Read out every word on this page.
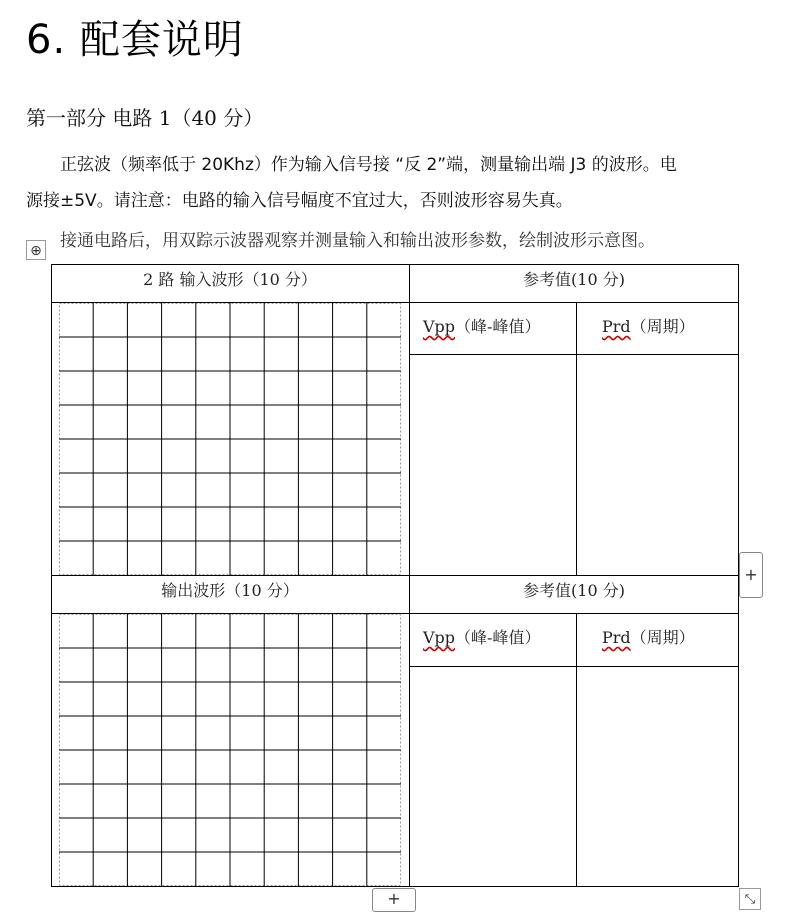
6. 配套说明
第一部分 电路 1（40 分）
正弦波（频率低于 20Khz）作为输入信号接 “反 2”端，测量输出端 J3 的波形。电
源接±5V。请注意：电路的输入信号幅度不宜过大，否则波形容易失真。
接通电路后，用双踪示波器观察并测量输入和输出波形参数，绘制波形示意图。
⊕
2 路 输入波形（10 分）	参考值(10 分)
Vpp（峰-峰值）	Prd（周期）
输出波形（10 分）	参考值(10 分)
Vpp（峰-峰值）	Prd（周期）
+
+	⤡
